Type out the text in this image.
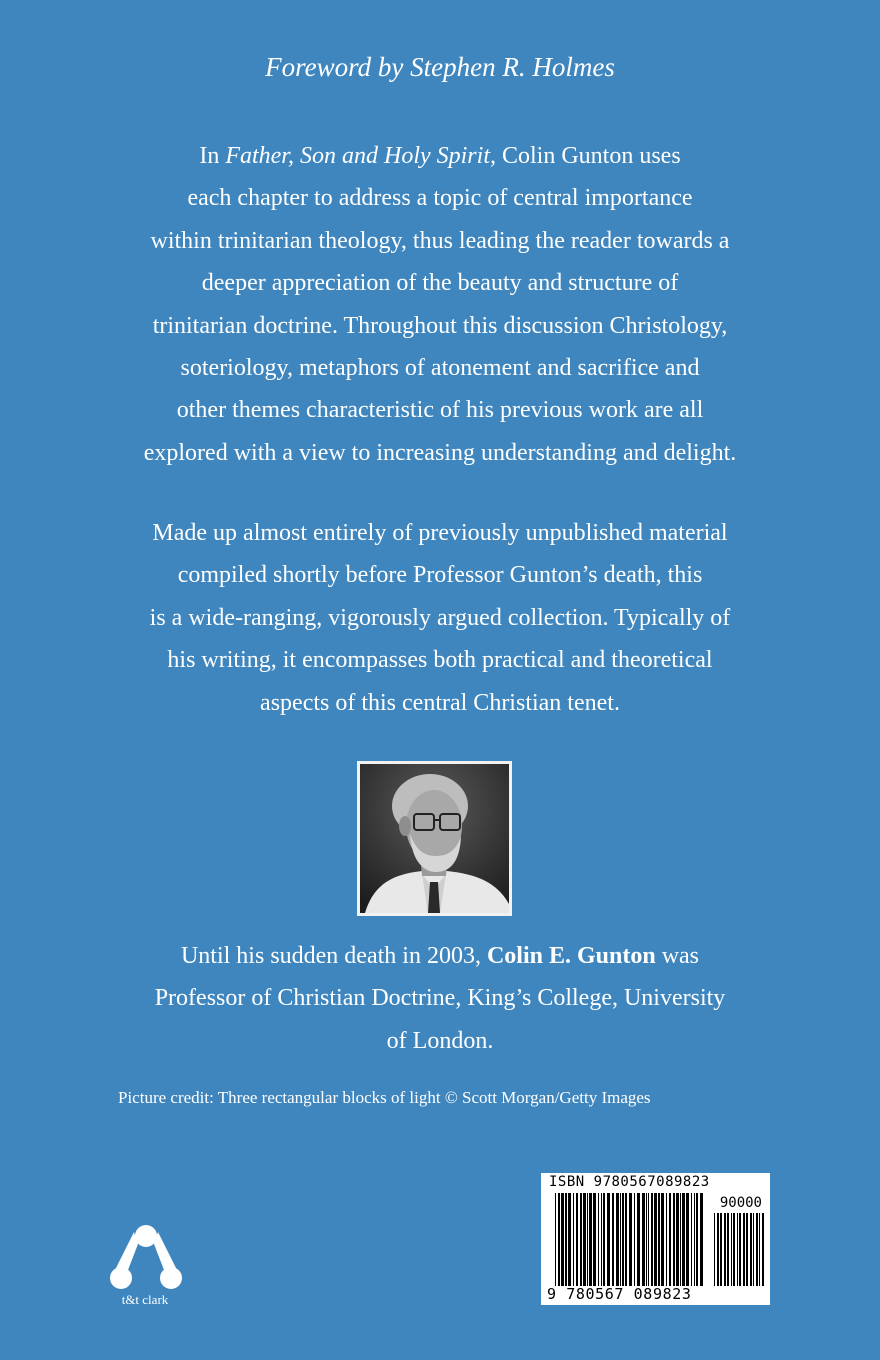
Foreword by Stephen R. Holmes
In Father, Son and Holy Spirit, Colin Gunton uses
each chapter to address a topic of central importance
within trinitarian theology, thus leading the reader towards a
deeper appreciation of the beauty and structure of
trinitarian doctrine. Throughout this discussion Christology,
soteriology, metaphors of atonement and sacrifice and
other themes characteristic of his previous work are all
explored with a view to increasing understanding and delight.
Made up almost entirely of previously unpublished material
compiled shortly before Professor Gunton’s death, this
is a wide-ranging, vigorously argued collection. Typically of
his writing, it encompasses both practical and theoretical
aspects of this central Christian tenet.
Until his sudden death in 2003, Colin E. Gunton was
Professor of Christian Doctrine, King’s College, University
of London.
Picture credit: Three rectangular blocks of light © Scott Morgan/Getty Images
t&t clark
ISBN 9780567089823
90000
9 780567 089823
